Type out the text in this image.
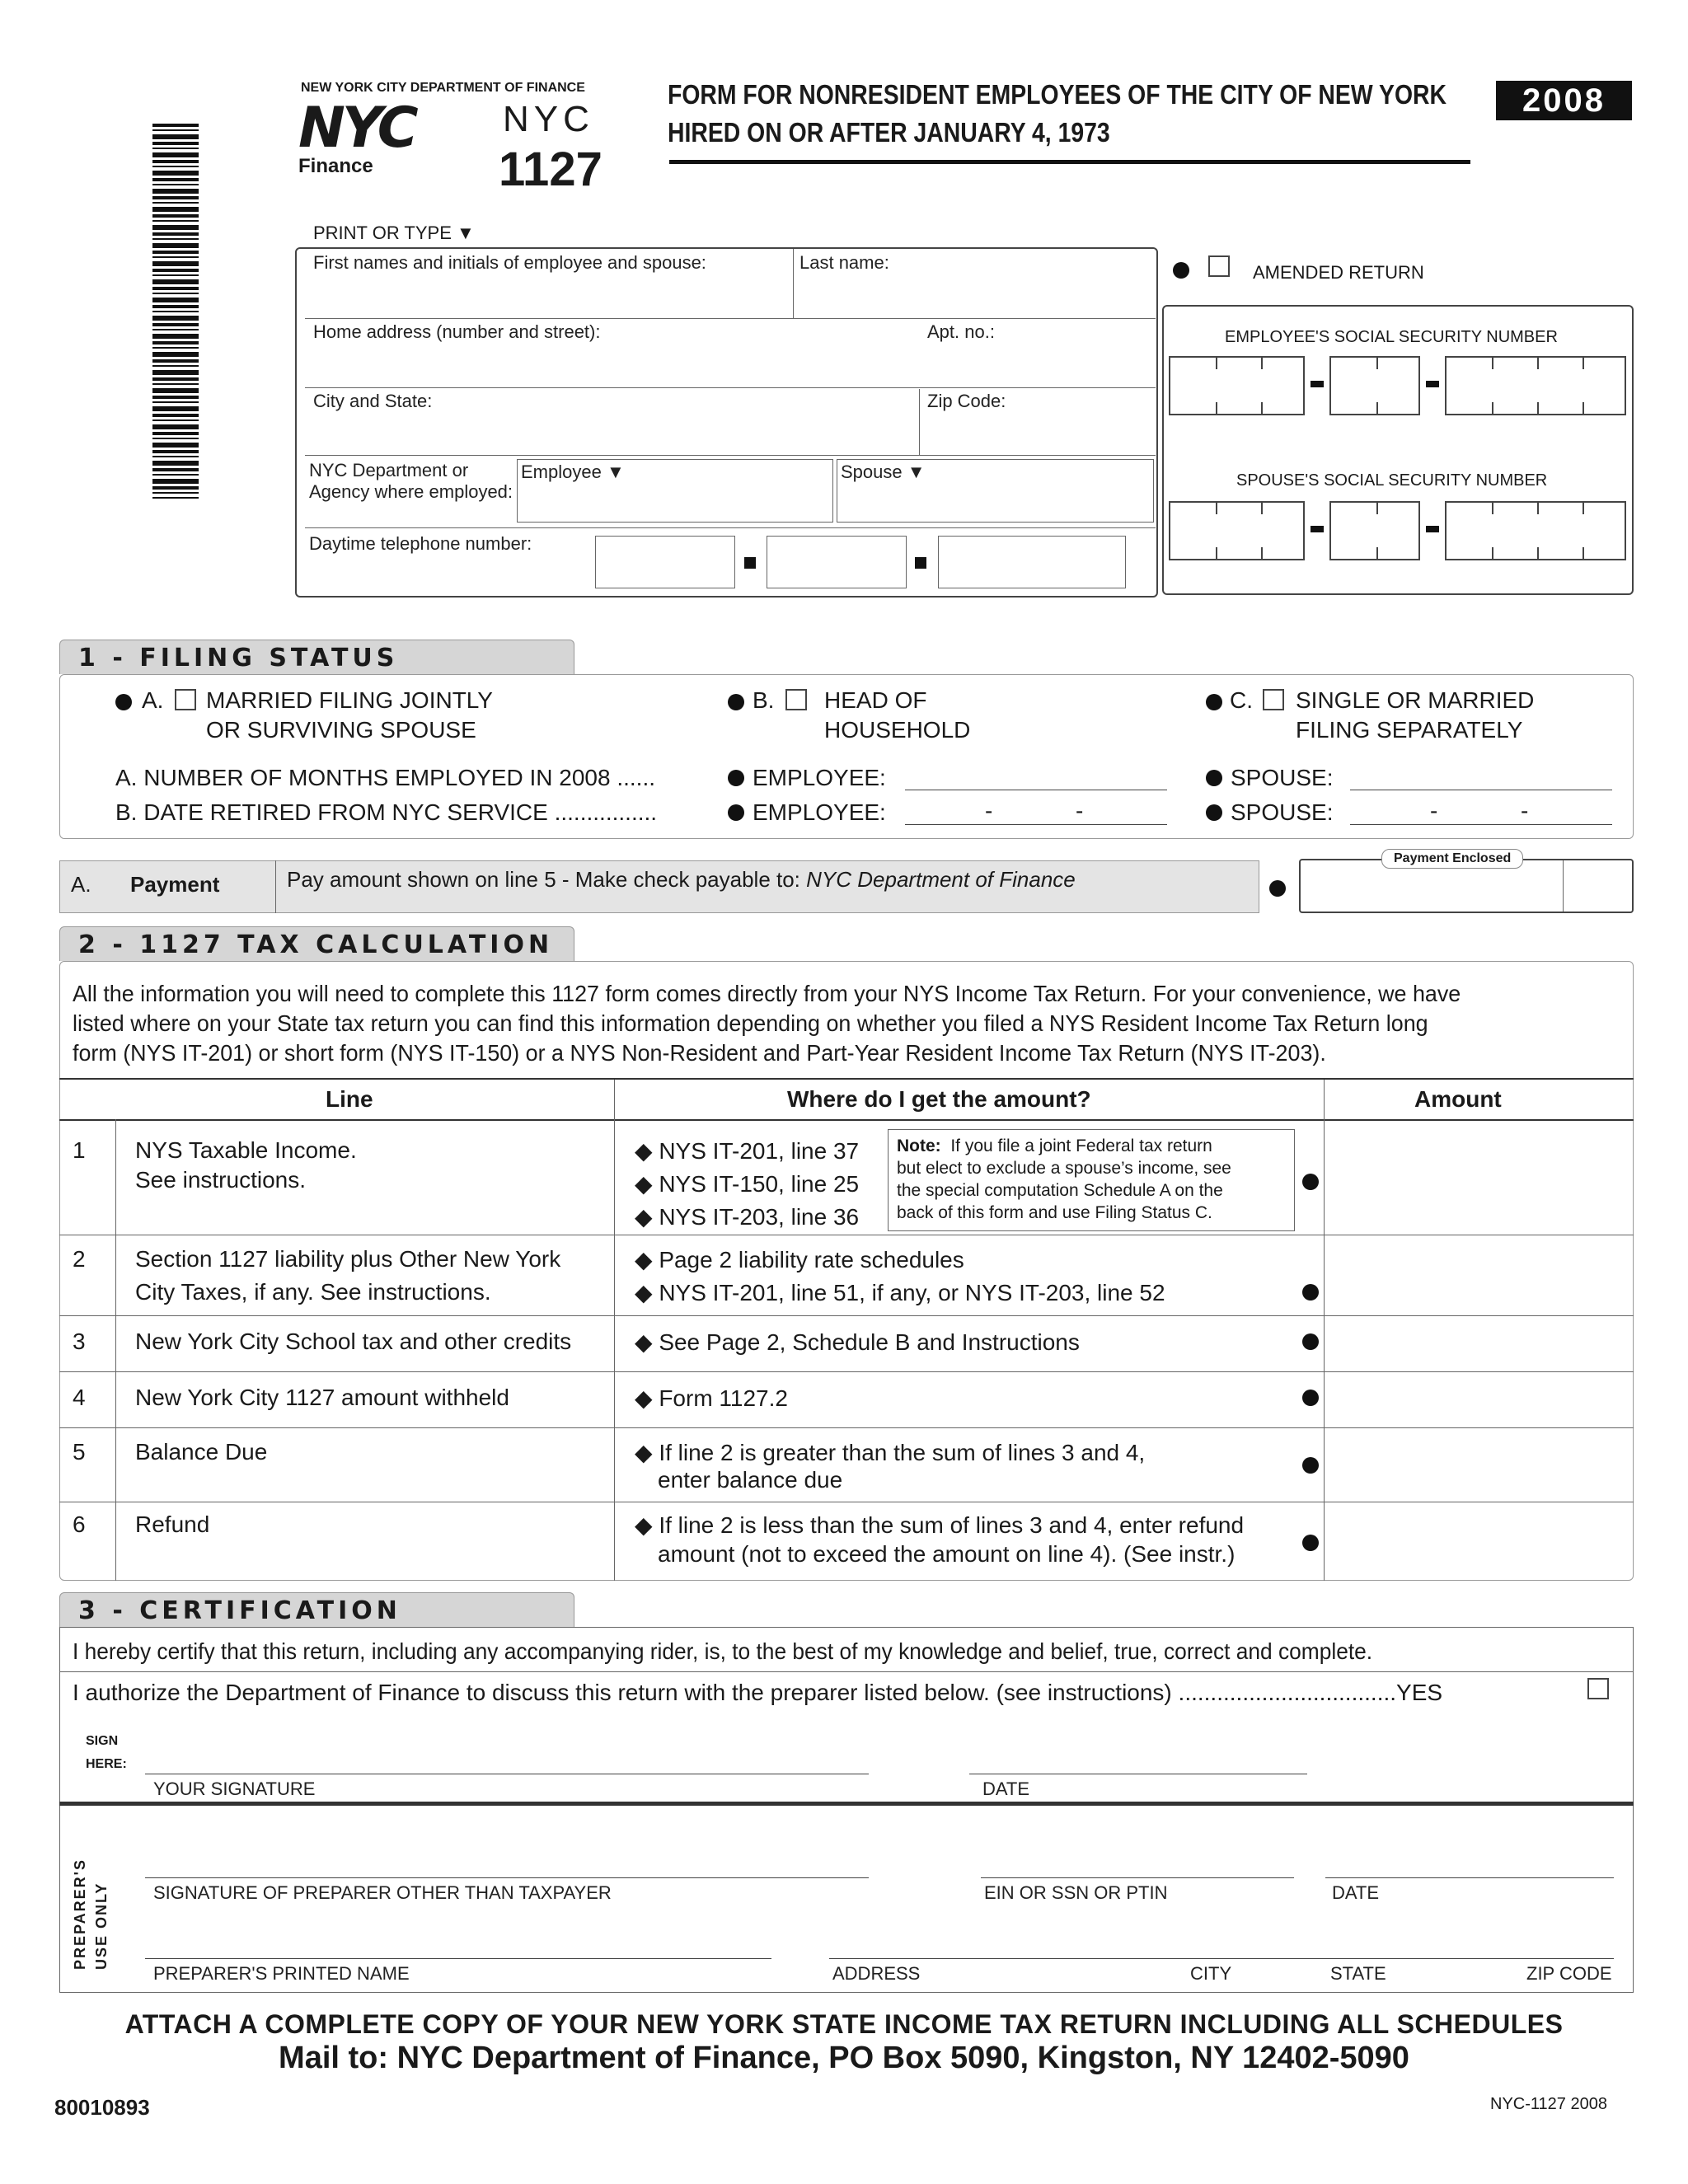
NEW YORK CITY DEPARTMENT OF FINANCE
NYC
Finance
NYC
1127
FORM FOR NONRESIDENT EMPLOYEES OF THE CITY OF NEW YORK
HIRED ON OR AFTER JANUARY 4, 1973
2008
PRINT OR TYPE ▼
First names and initials of employee and spouse:	Last name:
Home address (number and street):	Apt. no.:
City and State:	Zip Code:
NYC Department or
Agency where employed:
Employee ▼	Spouse ▼
Daytime telephone number:
AMENDED RETURN
EMPLOYEE'S SOCIAL SECURITY NUMBER
SPOUSE'S SOCIAL SECURITY NUMBER
1 - FILING STATUS
A. MARRIED FILING JOINTLY
OR SURVIVING SPOUSE
B. HEAD OF
HOUSEHOLD
C. SINGLE OR MARRIED
FILING SEPARATELY
A. NUMBER OF MONTHS EMPLOYED IN 2008 ......	EMPLOYEE:	SPOUSE:
B. DATE RETIRED FROM NYC SERVICE ................	EMPLOYEE:	-	-	SPOUSE:	-	-
A. Payment	Pay amount shown on line 5 - Make check payable to: NYC Department of Finance
Payment Enclosed
2 - 1127 TAX CALCULATION
All the information you will need to complete this 1127 form comes directly from your NYS Income Tax Return. For your convenience, we have
listed where on your State tax return you can find this information depending on whether you filed a NYS Resident Income Tax Return long
form (NYS IT-201) or short form (NYS IT-150) or a NYS Non-Resident and Part-Year Resident Income Tax Return (NYS IT-203).
Line	Where do I get the amount?	Amount
1 NYS Taxable Income.
See instructions.
◆ NYS IT-201, line 37
◆ NYS IT-150, line 25
◆ NYS IT-203, line 36
Note: If you file a joint Federal tax return
but elect to exclude a spouse’s income, see
the special computation Schedule A on the
back of this form and use Filing Status C.
2 Section 1127 liability plus Other New York
City Taxes, if any. See instructions.
◆ Page 2 liability rate schedules
◆ NYS IT-201, line 51, if any, or NYS IT-203, line 52
3 New York City School tax and other credits	◆ See Page 2, Schedule B and Instructions
4 New York City 1127 amount withheld	◆ Form 1127.2
5 Balance Due	◆ If line 2 is greater than the sum of lines 3 and 4,
enter balance due
6 Refund	◆ If line 2 is less than the sum of lines 3 and 4, enter refund
amount (not to exceed the amount on line 4). (See instr.)
3 - CERTIFICATION
I hereby certify that this return, including any accompanying rider, is, to the best of my knowledge and belief, true, correct and complete.
I authorize the Department of Finance to discuss this return with the preparer listed below. (see instructions) ..................................YES
SIGN
HERE:
YOUR SIGNATURE	DATE
PREPARER'S USE ONLY SIGNATURE OF PREPARER OTHER THAN TAXPAYER	EIN OR SSN OR PTIN	DATE
PREPARER'S PRINTED NAME	ADDRESS	CITY	STATE	ZIP CODE
ATTACH A COMPLETE COPY OF YOUR NEW YORK STATE INCOME TAX RETURN INCLUDING ALL SCHEDULES
Mail to: NYC Department of Finance, PO Box 5090, Kingston, NY 12402-5090
80010893	NYC-1127 2008
